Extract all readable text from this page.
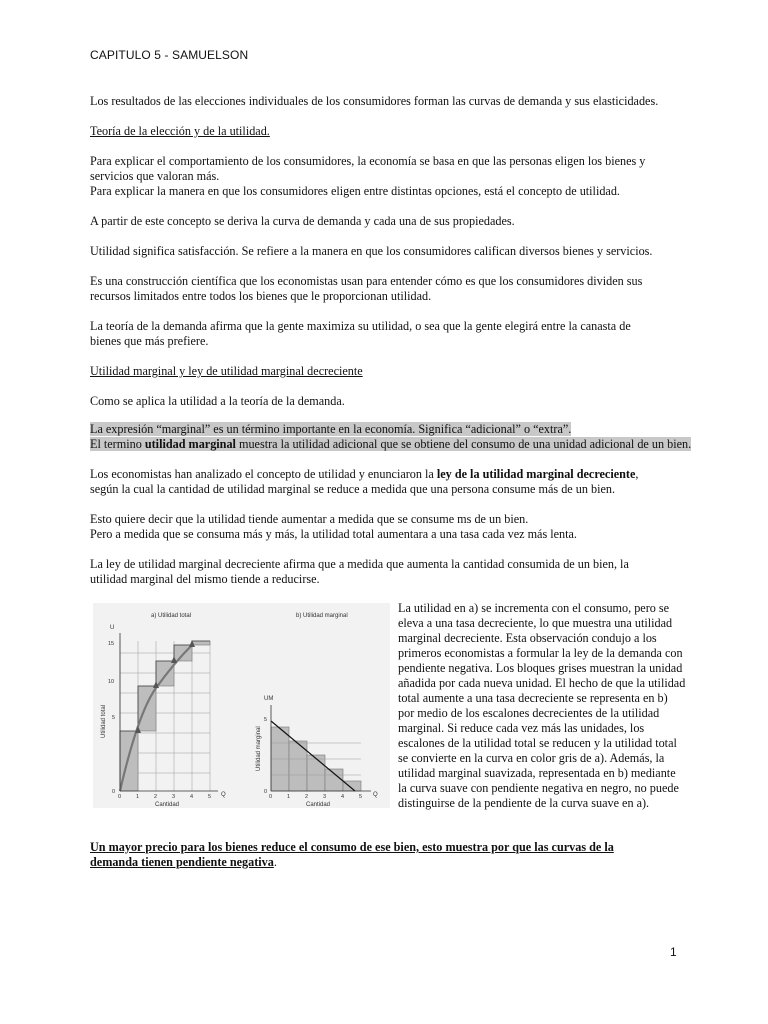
CAPITULO 5 - SAMUELSON

Los resultados de las elecciones individuales de los consumidores forman las curvas de demanda y sus elasticidades.

Teoría de la elección y de la utilidad.

Para explicar el comportamiento de los consumidores, la economía se basa en que las personas eligen los bienes y

servicios que valoran más.

Para explicar la manera en que los consumidores eligen entre distintas opciones, está el concepto de utilidad.

A partir de este concepto se deriva la curva de demanda y cada una de sus propiedades.

Utilidad significa satisfacción. Se refiere a la manera en que los consumidores califican diversos bienes y servicios.

Es una construcción científica que los economistas usan para entender cómo es que los consumidores dividen sus

recursos limitados entre todos los bienes que le proporcionan utilidad.

La teoría de la demanda afirma que la gente maximiza su utilidad, o sea que la gente elegirá entre la canasta de

bienes que más prefiere.

Utilidad marginal y ley de utilidad marginal decreciente

Como se aplica la utilidad a la teoría de la demanda.

La expresión “marginal” es un término importante en la economía. Significa “adicional” o “extra”.

El termino utilidad marginal muestra la utilidad adicional que se obtiene del consumo de una unidad adicional de un bien.

Los economistas han analizado el concepto de utilidad y enunciaron la ley de la utilidad marginal decreciente,

según la cual la cantidad de utilidad marginal se reduce a medida que una persona consume más de un bien.

Esto quiere decir que la utilidad tiende aumentar a medida que se consume ms de un bien.

Pero a medida que se consuma más y más, la utilidad total aumentara a una tasa cada vez más lenta.

La ley de utilidad marginal decreciente afirma que a medida que aumenta la cantidad consumida de un bien, la

utilidad marginal del mismo tiende a reducirse.

a) Utilidad total
U
Q
Cantidad
Utilidad total
0	1	2	3	4	5
0
5
10
15
b) Utilidad marginal
UM
Q
Cantidad
Utilidad marginal
0	1	2	3	4	5
0
5

La utilidad en a) se incrementa con el consumo, pero se

eleva a una tasa decreciente, lo que muestra una utilidad

marginal decreciente. Esta observación condujo a los

primeros economistas a formular la ley de la demanda con

pendiente negativa. Los bloques grises muestran la unidad

añadida por cada nueva unidad. El hecho de que la utilidad

total aumente a una tasa decreciente se representa en b)

por medio de los escalones decrecientes de la utilidad

marginal. Si reduce cada vez más las unidades, los

escalones de la utilidad total se reducen y la utilidad total

se convierte en la curva en color gris de a). Además, la

utilidad marginal suavizada, representada en b) mediante

la curva suave con pendiente negativa en negro, no puede

distinguirse de la pendiente de la curva suave en a).

Un mayor precio para los bienes reduce el consumo de ese bien, esto muestra por que las curvas de la

demanda tienen pendiente negativa.

1
